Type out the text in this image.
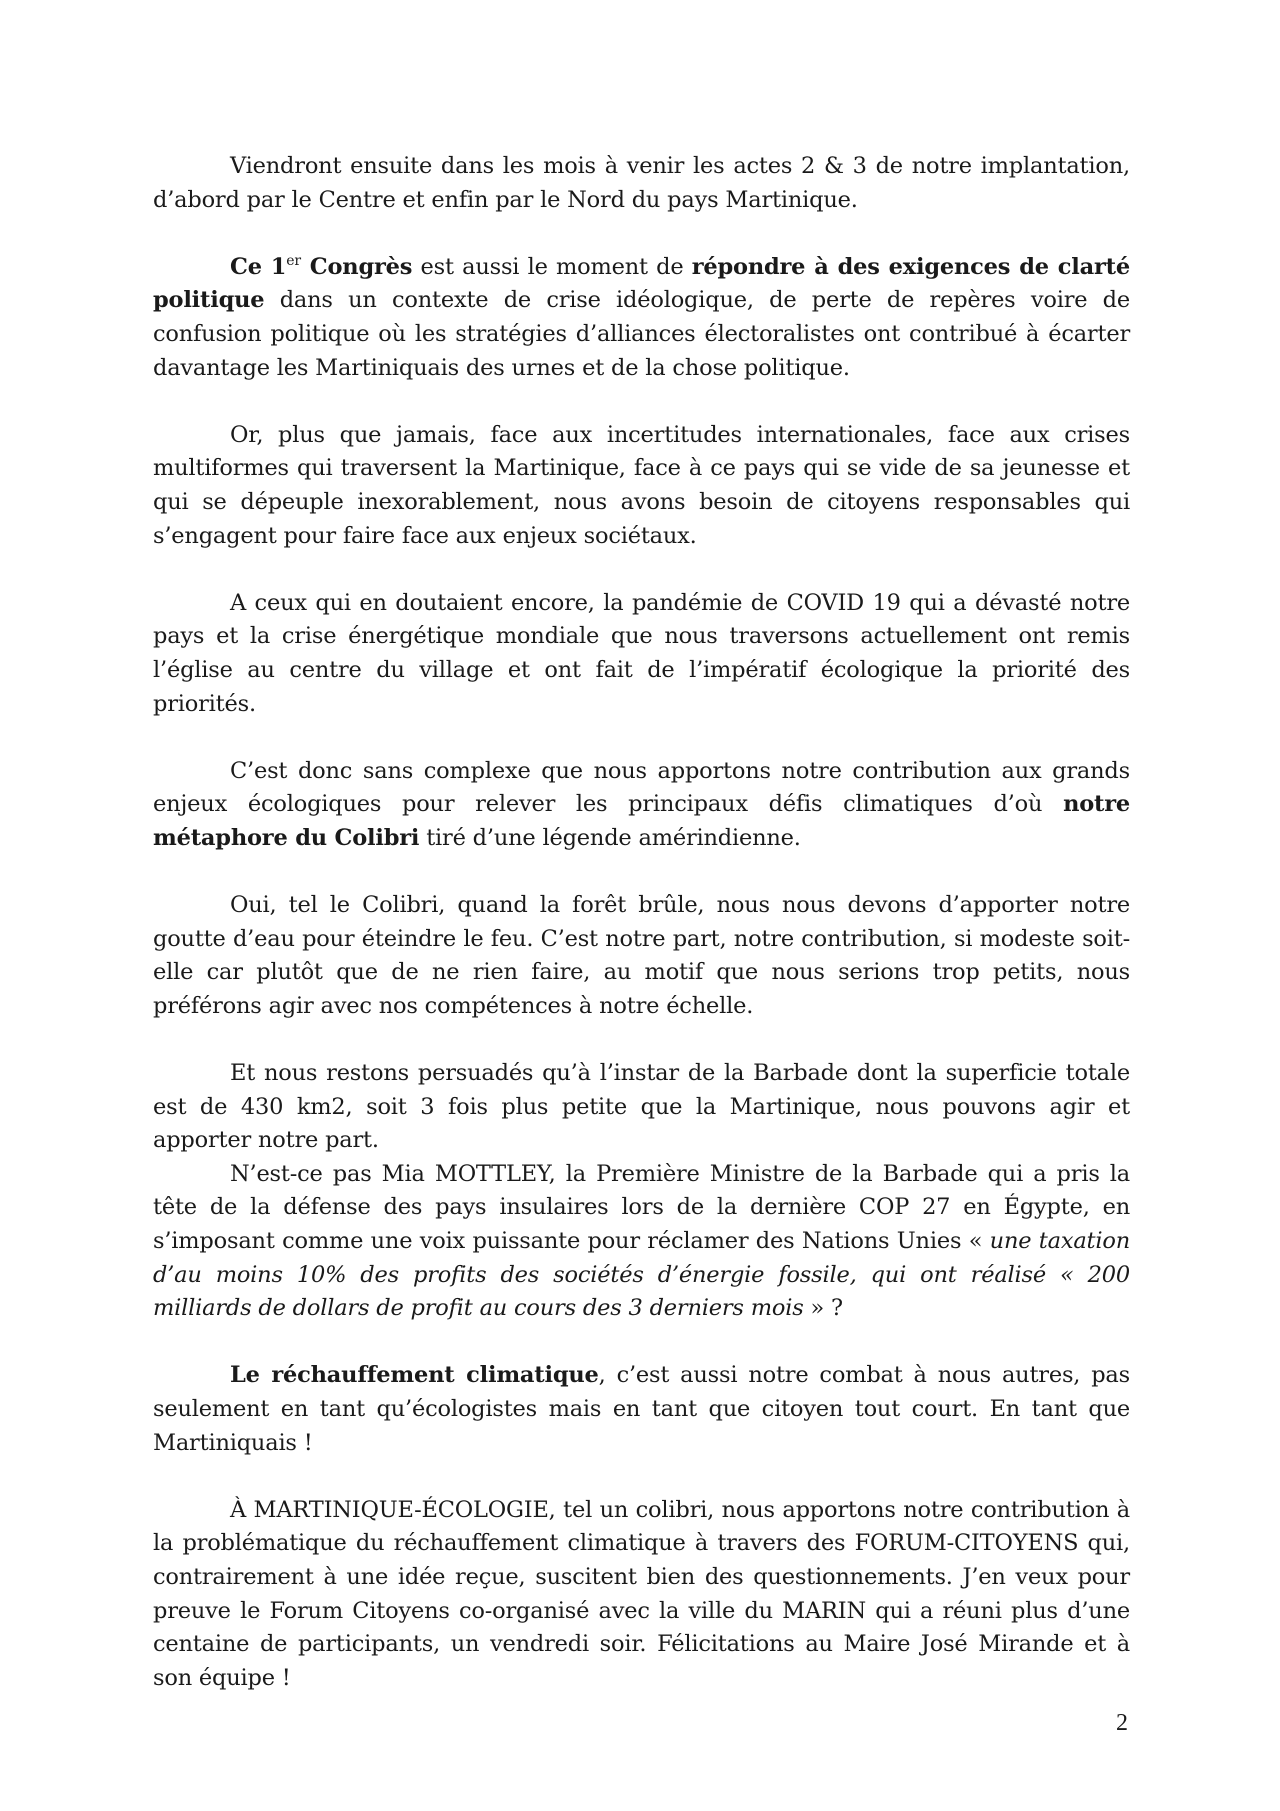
Viendront ensuite dans les mois à venir les actes 2 & 3 de notre implantation, d’abord par le Centre et enfin par le Nord du pays Martinique.

Ce 1er Congrès est aussi le moment de répondre à des exigences de clarté politique dans un contexte de crise idéologique, de perte de repères voire de confusion politique où les stratégies d’alliances électoralistes ont contribué à écarter davantage les Martiniquais des urnes et de la chose politique.

Or, plus que jamais, face aux incertitudes internationales, face aux crises multiformes qui traversent la Martinique, face à ce pays qui se vide de sa jeunesse et qui se dépeuple inexorablement, nous avons besoin de citoyens responsables qui s’engagent pour faire face aux enjeux sociétaux.

A ceux qui en doutaient encore, la pandémie de COVID 19 qui a dévasté notre pays et la crise énergétique mondiale que nous traversons actuellement ont remis l’église au centre du village et ont fait de l’impératif écologique la priorité des priorités.

C’est donc sans complexe que nous apportons notre contribution aux grands enjeux écologiques pour relever les principaux défis climatiques d’où notre métaphore du Colibri tiré d’une légende amérindienne.

Oui, tel le Colibri, quand la forêt brûle, nous nous devons d’apporter notre goutte d’eau pour éteindre le feu. C’est notre part, notre contribution, si modeste soit-elle car plutôt que de ne rien faire, au motif que nous serions trop petits, nous préférons agir avec nos compétences à notre échelle.

Et nous restons persuadés qu’à l’instar de la Barbade dont la superficie totale est de 430 km2, soit 3 fois plus petite que la Martinique, nous pouvons agir et apporter notre part.

N’est-ce pas Mia MOTTLEY, la Première Ministre de la Barbade qui a pris la tête de la défense des pays insulaires lors de la dernière COP 27 en Égypte, en s’imposant comme une voix puissante pour réclamer des Nations Unies « une taxation d’au moins 10% des profits des sociétés d’énergie fossile, qui ont réalisé « 200 milliards de dollars de profit au cours des 3 derniers mois » ?

Le réchauffement climatique, c’est aussi notre combat à nous autres, pas seulement en tant qu’écologistes mais en tant que citoyen tout court. En tant que Martiniquais !

À MARTINIQUE-ÉCOLOGIE, tel un colibri, nous apportons notre contribution à la problématique du réchauffement climatique à travers des FORUM-CITOYENS qui, contrairement à une idée reçue, suscitent bien des questionnements. J’en veux pour preuve le Forum Citoyens co-organisé avec la ville du MARIN qui a réuni plus d’une centaine de participants, un vendredi soir. Félicitations au Maire José Mirande et à son équipe !

2
